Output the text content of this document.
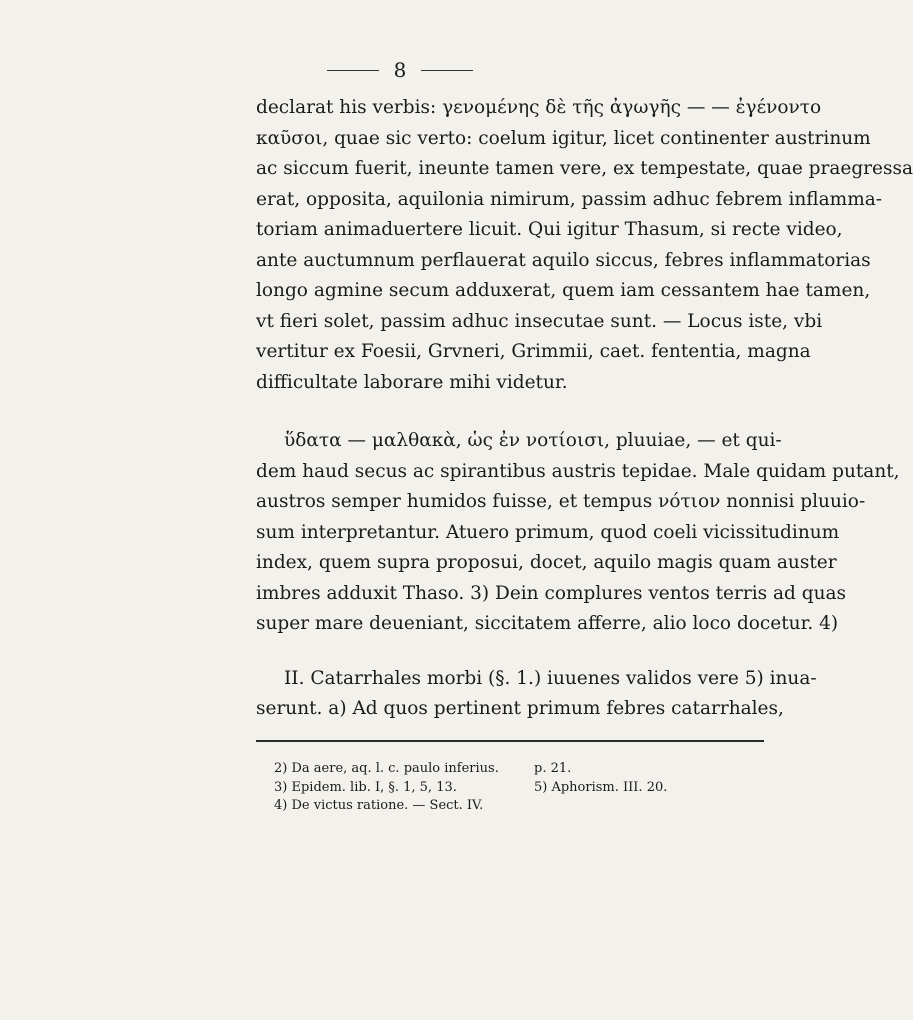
8

declarat his verbis: γενομένης δὲ τῆς ἀγωγῆς — — ἐγένοντο
καῦσοι, quae sic verto: coelum igitur, licet continenter austrinum
ac siccum fuerit, ineunte tamen vere, ex tempestate, quae praegressa
erat, opposita, aquilonia nimirum, passim adhuc febrem inflamma-
toriam animaduertere licuit. Qui igitur Thasum, si recte video,
ante auctumnum perflauerat aquilo siccus, febres inflammatorias
longo agmine secum adduxerat, quem iam cessantem hae tamen,
vt fieri solet, passim adhuc insecutae sunt. — Locus iste, vbi
vertitur ex Foesii, Grvneri, Grimmii, caet. fententia, magna
difficultate laborare mihi videtur.

ὕδατα — μαλθακὰ, ὡς ἐν νοτίοισι, pluuiae, — et qui-
dem haud secus ac spirantibus austris tepidae. Male quidam putant,
austros semper humidos fuisse, et tempus νότιον nonnisi pluuio-
sum interpretantur. Atuero primum, quod coeli vicissitudinum
index, quem supra proposui, docet, aquilo magis quam auster
imbres adduxit Thaso. 3) Dein complures ventos terris ad quas
super mare deueniant, siccitatem afferre, alio loco docetur. 4)

II. Catarrhales morbi (§. 1.) iuuenes validos vere 5) inua-
serunt. a) Ad quos pertinent primum febres catarrhales,

2) Da aere, aq. l. c. paulo inferius.	p. 21.
3) Epidem. lib. I, §. 1, 5, 13.	5) Aphorism. III. 20.
4) De victus ratione. — Sect. IV.
